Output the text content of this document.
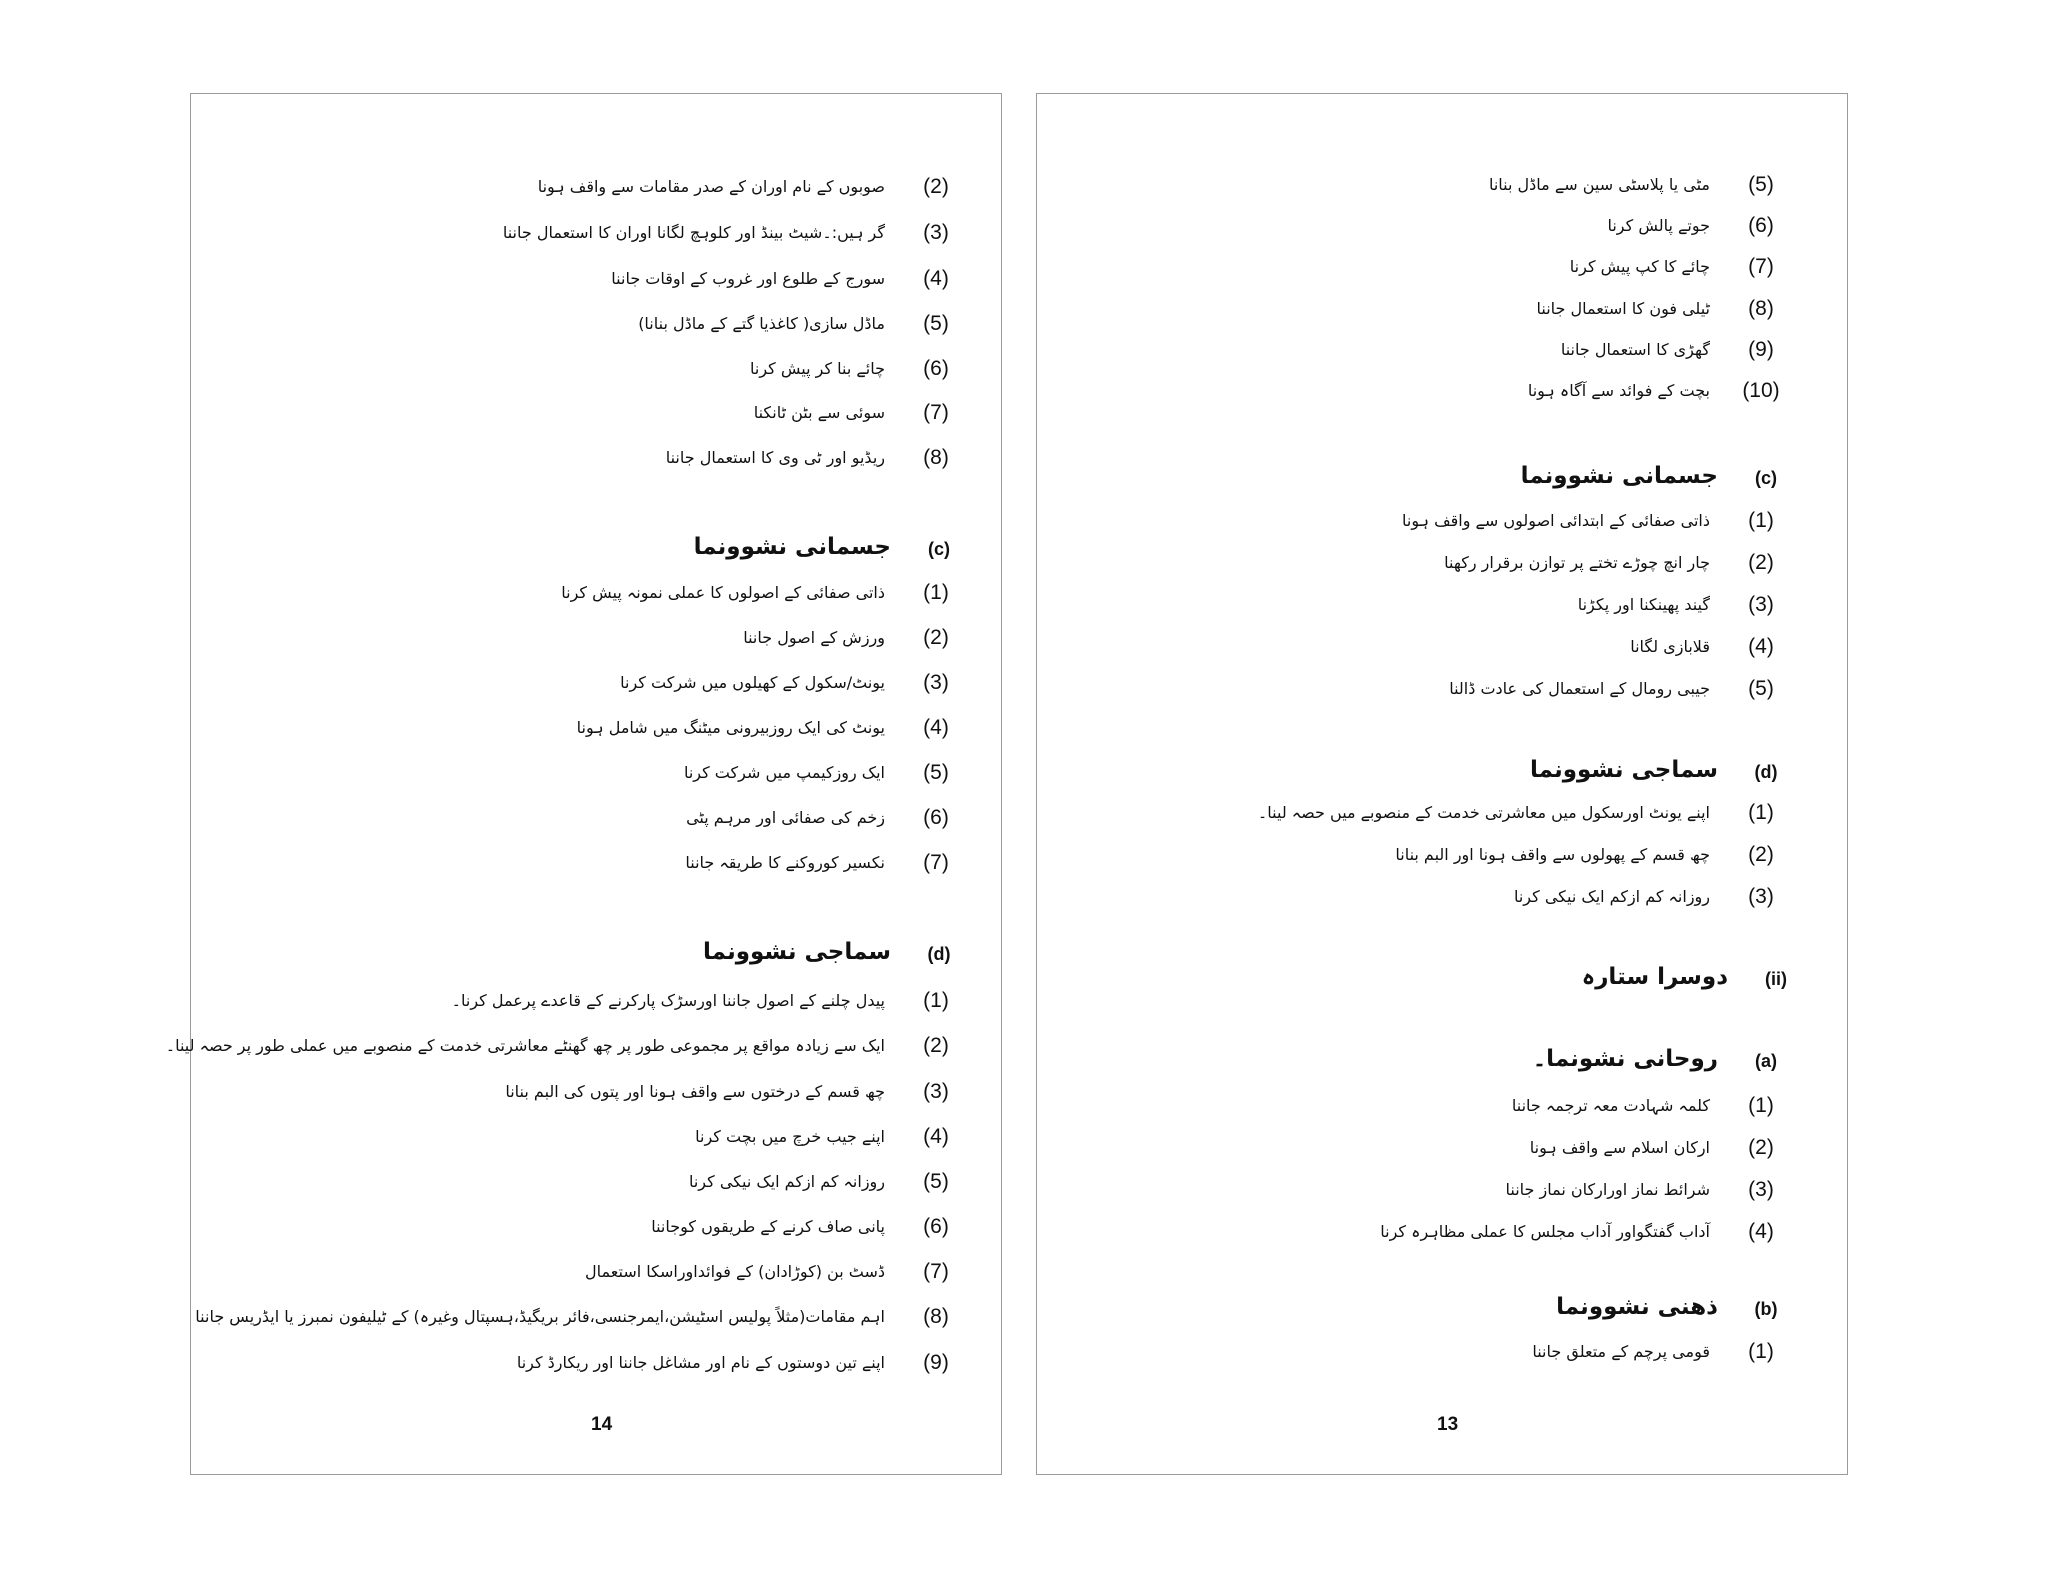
(2)
صوبوں کے نام اوران کے صدر مقامات سے واقف ہونا
(3)
گر ہیں:۔شیٹ بینڈ اور کلوہچ لگانا اوران کا استعمال جاننا
(4)
سورج کے طلوع اور غروب کے اوقات جاننا
(5)
ماڈل سازی( کاغذیا گتے کے ماڈل بنانا)
(6)
چائے بنا کر پیش کرنا
(7)
سوئی سے بٹن ٹانکنا
(8)
ریڈیو اور ٹی وی کا استعمال جاننا
(c)
جسمانی نشوونما
(1)
ذاتی صفائی کے اصولوں کا عملی نمونہ پیش کرنا
(2)
ورزش کے اصول جاننا
(3)
یونٹ/سکول کے کھیلوں میں شرکت کرنا
(4)
یونٹ کی ایک روزبیرونی میٹنگ میں شامل ہونا
(5)
ایک روزکیمپ میں شرکت کرنا
(6)
زخم کی صفائی اور مرہم پٹی
(7)
نکسیر کوروکنے کا طریقہ جاننا
(d)
سماجی نشوونما
(1)
پیدل چلنے کے اصول جاننا اورسڑک پارکرنے کے قاعدے پرعمل کرنا۔
(2)
ایک سے زیادہ مواقع پر مجموعی طور پر چھ گھنٹے معاشرتی خدمت کے منصوبے میں عملی طور پر حصہ لینا۔
(3)
چھ قسم کے درختوں سے واقف ہونا اور پتوں کی البم بنانا
(4)
اپنے جیب خرچ میں بچت کرنا
(5)
روزانہ کم ازکم ایک نیکی کرنا
(6)
پانی صاف کرنے کے طریقوں کوجاننا
(7)
ڈسٹ بن (کوڑادان) کے فوائداوراسکا استعمال
(8)
اہم مقامات(مثلاً پولیس اسٹیشن،ایمرجنسی،فائر بریگیڈ،ہسپتال وغیرہ) کے ٹیلیفون نمبرز یا ایڈریس جاننا
(9)
اپنے تین دوستوں کے نام اور مشاغل جاننا اور ریکارڈ کرنا
14
(5)
مٹی یا پلاسٹی سین سے ماڈل بنانا
(6)
جوتے پالش کرنا
(7)
چائے کا کپ پیش کرنا
(8)
ٹیلی فون کا استعمال جاننا
(9)
گھڑی کا استعمال جاننا
(10)
بچت کے فوائد سے آگاہ ہونا
(c)
جسمانی نشوونما
(1)
ذاتی صفائی کے ابتدائی اصولوں سے واقف ہونا
(2)
چار انچ چوڑے تختے پر توازن برقرار رکھنا
(3)
گیند پھینکنا اور پکڑنا
(4)
قلابازی لگانا
(5)
جیبی رومال کے استعمال کی عادت ڈالنا
(d)
سماجی نشوونما
(1)
اپنے یونٹ اورسکول میں معاشرتی خدمت کے منصوبے میں حصہ لینا۔
(2)
چھ قسم کے پھولوں سے واقف ہونا اور البم بنانا
(3)
روزانہ کم ازکم ایک نیکی کرنا
(ii)
دوسرا ستارہ
(a)
روحانی نشونما۔
(1)
کلمہ شہادت معہ ترجمہ جاننا
(2)
ارکان اسلام سے واقف ہونا
(3)
شرائط نماز اورارکان نماز جاننا
(4)
آداب گفتگواور آداب مجلس کا عملی مظاہرہ کرنا
(b)
ذهنی نشوونما
(1)
قومی پرچم کے متعلق جاننا
13
